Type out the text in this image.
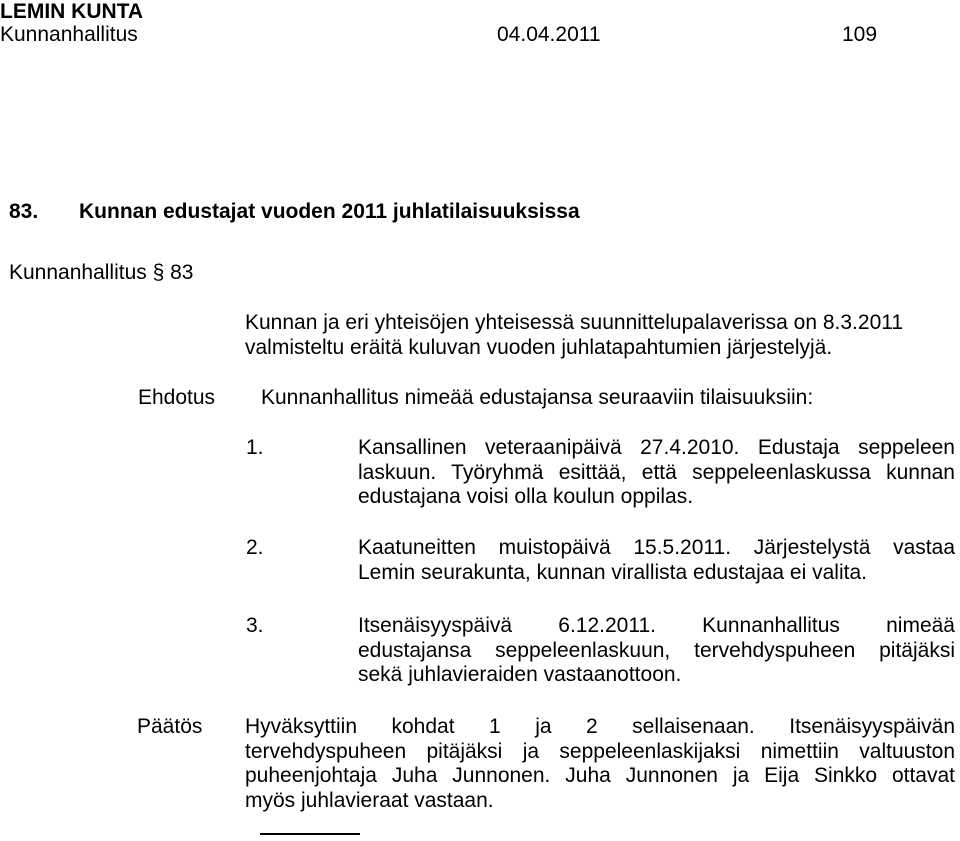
LEMIN KUNTA
Kunnanhallitus	04.04.2011	109
83. Kunnan edustajat vuoden 2011 juhlatilaisuuksissa
Kunnanhallitus § 83
Kunnan ja eri yhteisöjen yhteisessä suunnittelupalaverissa on 8.3.2011
valmisteltu eräitä kuluvan vuoden juhlatapahtumien järjestelyjä.
Ehdotus Kunnanhallitus nimeää edustajansa seuraaviin tilaisuuksiin:
1.	Kansallinen veteraanipäivä 27.4.2010. Edustaja seppeleen
laskuun. Työryhmä esittää, että seppeleenlaskussa kunnan
edustajana voisi olla koulun oppilas.
2.	Kaatuneitten muistopäivä 15.5.2011. Järjestelystä vastaa
Lemin seurakunta, kunnan virallista edustajaa ei valita.
3.	Itsenäisyyspäivä 6.12.2011. Kunnanhallitus nimeää
edustajansa seppeleenlaskuun, tervehdyspuheen pitäjäksi
sekä juhlavieraiden vastaanottoon.
Päätös Hyväksyttiin kohdat 1 ja 2 sellaisenaan. Itsenäisyyspäivän
tervehdyspuheen pitäjäksi ja seppeleenlaskijaksi nimettiin valtuuston
puheenjohtaja Juha Junnonen. Juha Junnonen ja Eija Sinkko ottavat
myös juhlavieraat vastaan.
